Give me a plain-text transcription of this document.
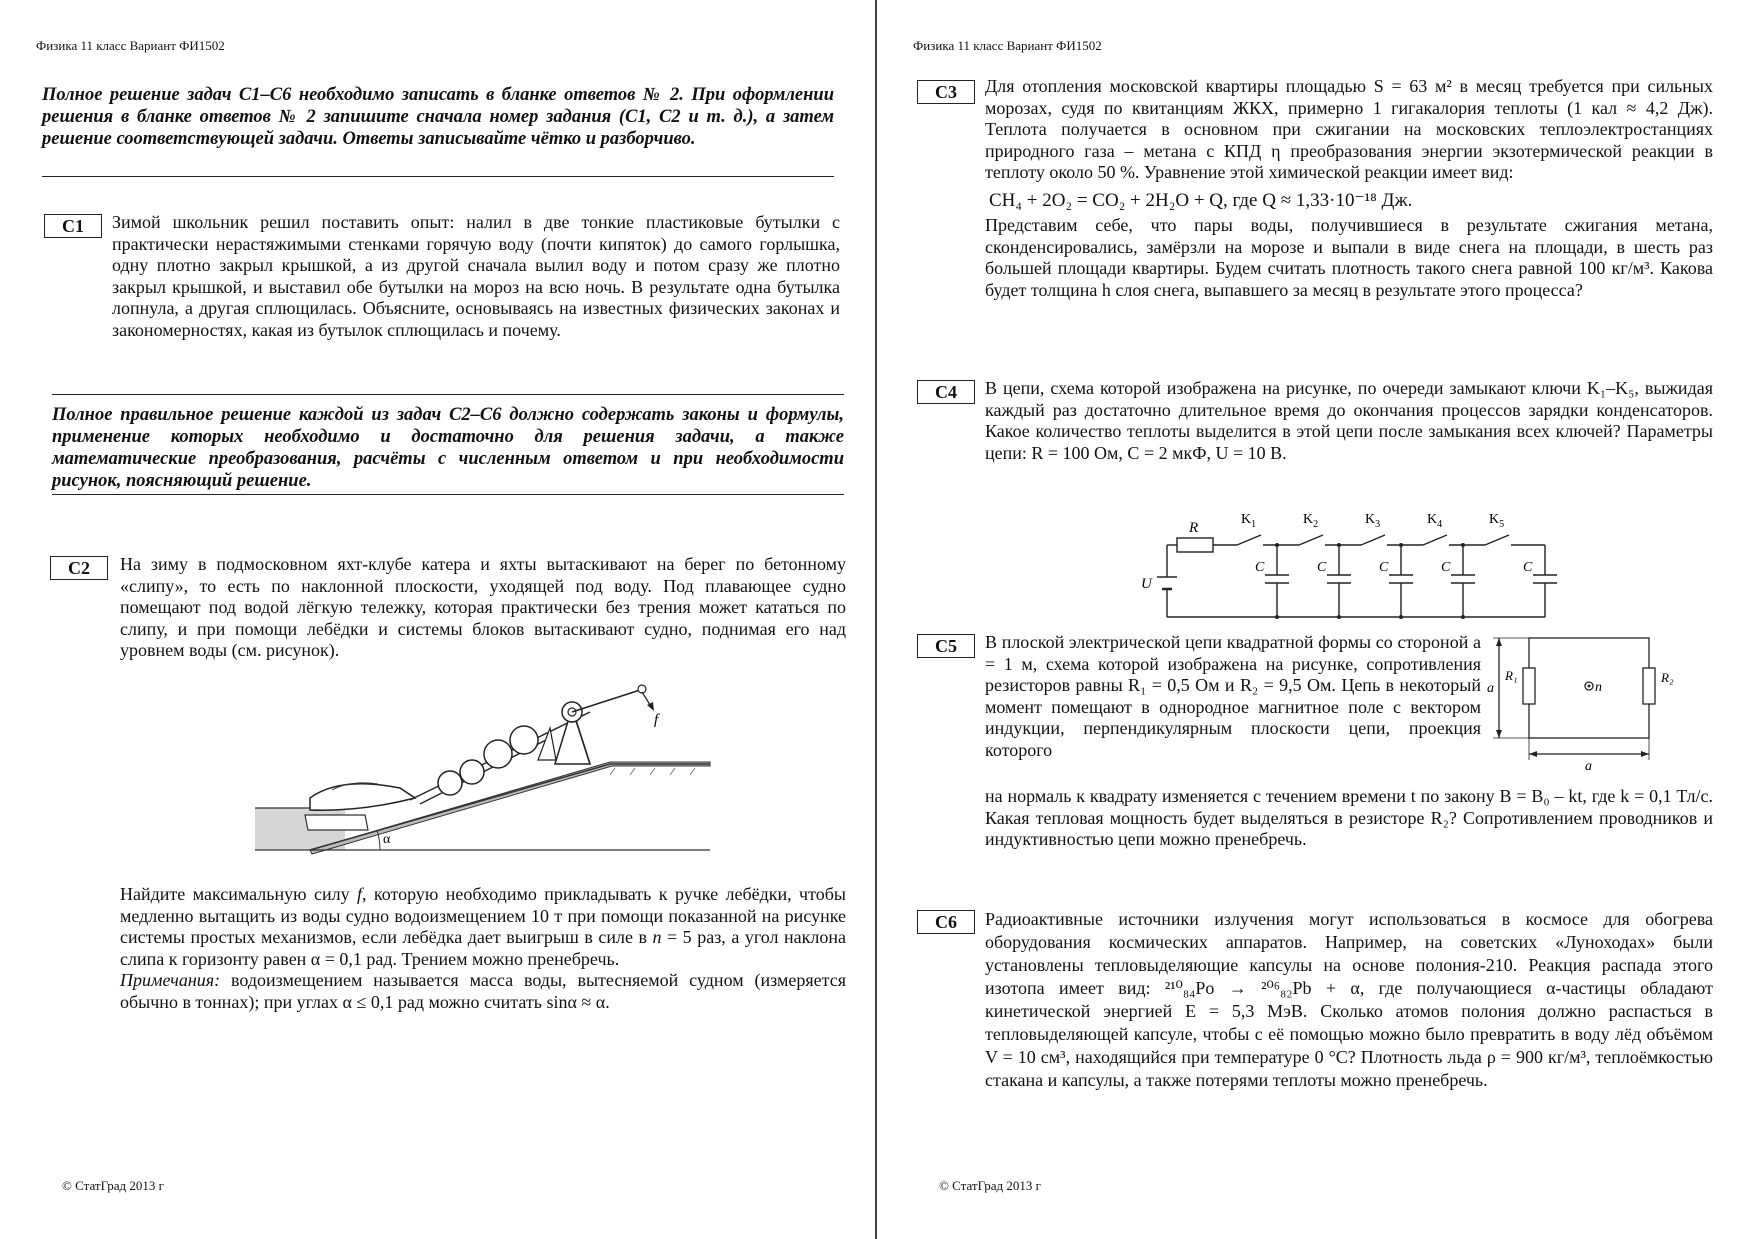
Физика 11 класс Вариант ФИ1502
Полное решение задач С1–С6 необходимо записать в бланке ответов № 2. При оформлении решения в бланке ответов № 2 запишите сначала номер задания (С1, С2 и т. д.), а затем решение соответствующей задачи. Ответы записывайте чётко и разборчиво.
С1	Зимой школьник решил поставить опыт: налил в две тонкие пластиковые бутылки с практически нерастяжимыми стенками горячую воду (почти кипяток) до самого горлышка, одну плотно закрыл крышкой, а из другой сначала вылил воду и потом сразу же плотно закрыл крышкой, и выставил обе бутылки на мороз на всю ночь. В результате одна бутылка лопнула, а другая сплющилась. Объясните, основываясь на известных физических законах и закономерностях, какая из бутылок сплющилась и почему.
Полное правильное решение каждой из задач С2–С6 должно содержать законы и формулы, применение которых необходимо и достаточно для решения задачи, а также математические преобразования, расчёты с численным ответом и при необходимости рисунок, поясняющий решение.
С2	На зиму в подмосковном яхт-клубе катера и яхты вытаскивают на берег по бетонному «слипу», то есть по наклонной плоскости, уходящей под воду. Под плавающее судно помещают под водой лёгкую тележку, которая практически без трения может кататься по слипу, и при помощи лебёдки и системы блоков вытаскивают судно, поднимая его над уровнем воды (см. рисунок).
α
f

Найдите максимальную силу f, которую необходимо прикладывать к ручке лебёдки, чтобы медленно вытащить из воды судно водоизмещением 10 т при помощи показанной на рисунке системы простых механизмов, если лебёдка дает выигрыш в силе в n = 5 раз, а угол наклона слипа к горизонту равен α = 0,1 рад. Трением можно пренебречь.

Примечания: водоизмещением называется масса воды, вытесняемой судном (измеряется обычно в тоннах); при углах α ≤ 0,1 рад можно считать sinα ≈ α.

© СтатГрад 2013 г
Физика 11 класс Вариант ФИ1502
С3	Для отопления московской квартиры площадью S = 63 м² в месяц требуется при сильных морозах, судя по квитанциям ЖКХ, примерно 1 гигакалория теплоты (1 кал ≈ 4,2 Дж). Теплота получается в основном при сжигании на московских теплоэлектростанциях природного газа – метана с КПД η преобразования энергии экзотермической реакции в теплоту около 50 %. Уравнение этой химической реакции имеет вид:

CH₄ + 2O₂ = CO₂ + 2H₂O + Q, где Q ≈ 1,33·10⁻¹⁸ Дж.

Представим себе, что пары воды, получившиеся в результате сжигания метана, сконденсировались, замёрзли на морозе и выпали в виде снега на площади, в шесть раз большей площади квартиры. Будем считать плотность такого снега равной 100 кг/м³. Какова будет толщина h слоя снега, выпавшего за месяц в результате этого процесса?

С4	В цепи, схема которой изображена на рисунке, по очереди замыкают ключи K₁–K₅, выжидая каждый раз достаточно длительное время до окончания процессов зарядки конденсаторов. Какое количество теплоты выделится в этой цепи после замыкания всех ключей? Параметры цепи: R = 100 Ом, C = 2 мкФ, U = 10 В.
R
U
C	C	C	C	C
$K_1$	$K_2$	$K_3$	$K_4$	$K_5$
С5	В плоской электрической цепи квадратной формы со стороной a = 1 м, схема которой изображена на рисунке, сопротивления резисторов равны R₁ = 0,5 Ом и R₂ = 9,5 Ом. Цепь в некоторый момент помещают в однородное магнитное поле с вектором индукции, перпендикулярным плоскости цепи, проекция которого
на нормаль к квадрату изменяется с течением времени t по закону B = B₀ – kt, где k = 0,1 Тл/с. Какая тепловая мощность будет выделяться в резисторе R₂? Сопротивлением проводников и индуктивностью цепи можно пренебречь.
a
a
R₁	R₂
n
С6	Радиоактивные источники излучения могут использоваться в космосе для обогрева оборудования космических аппаратов. Например, на советских «Луноходах» были установлены тепловыделяющие капсулы на основе полония-210. Реакция распада этого изотопа имеет вид: ²¹⁰₈₄Po → ²⁰⁶₈₂Pb + α, где получающиеся α-частицы обладают кинетической энергией E = 5,3 МэВ. Сколько атомов полония должно распасться в тепловыделяющей капсуле, чтобы с её помощью можно было превратить в воду лёд объёмом V = 10 см³, находящийся при температуре 0 °С? Плотность льда ρ = 900 кг/м³, теплоёмкостью стакана и капсулы, а также потерями теплоты можно пренебречь.
© СтатГрад 2013 г
